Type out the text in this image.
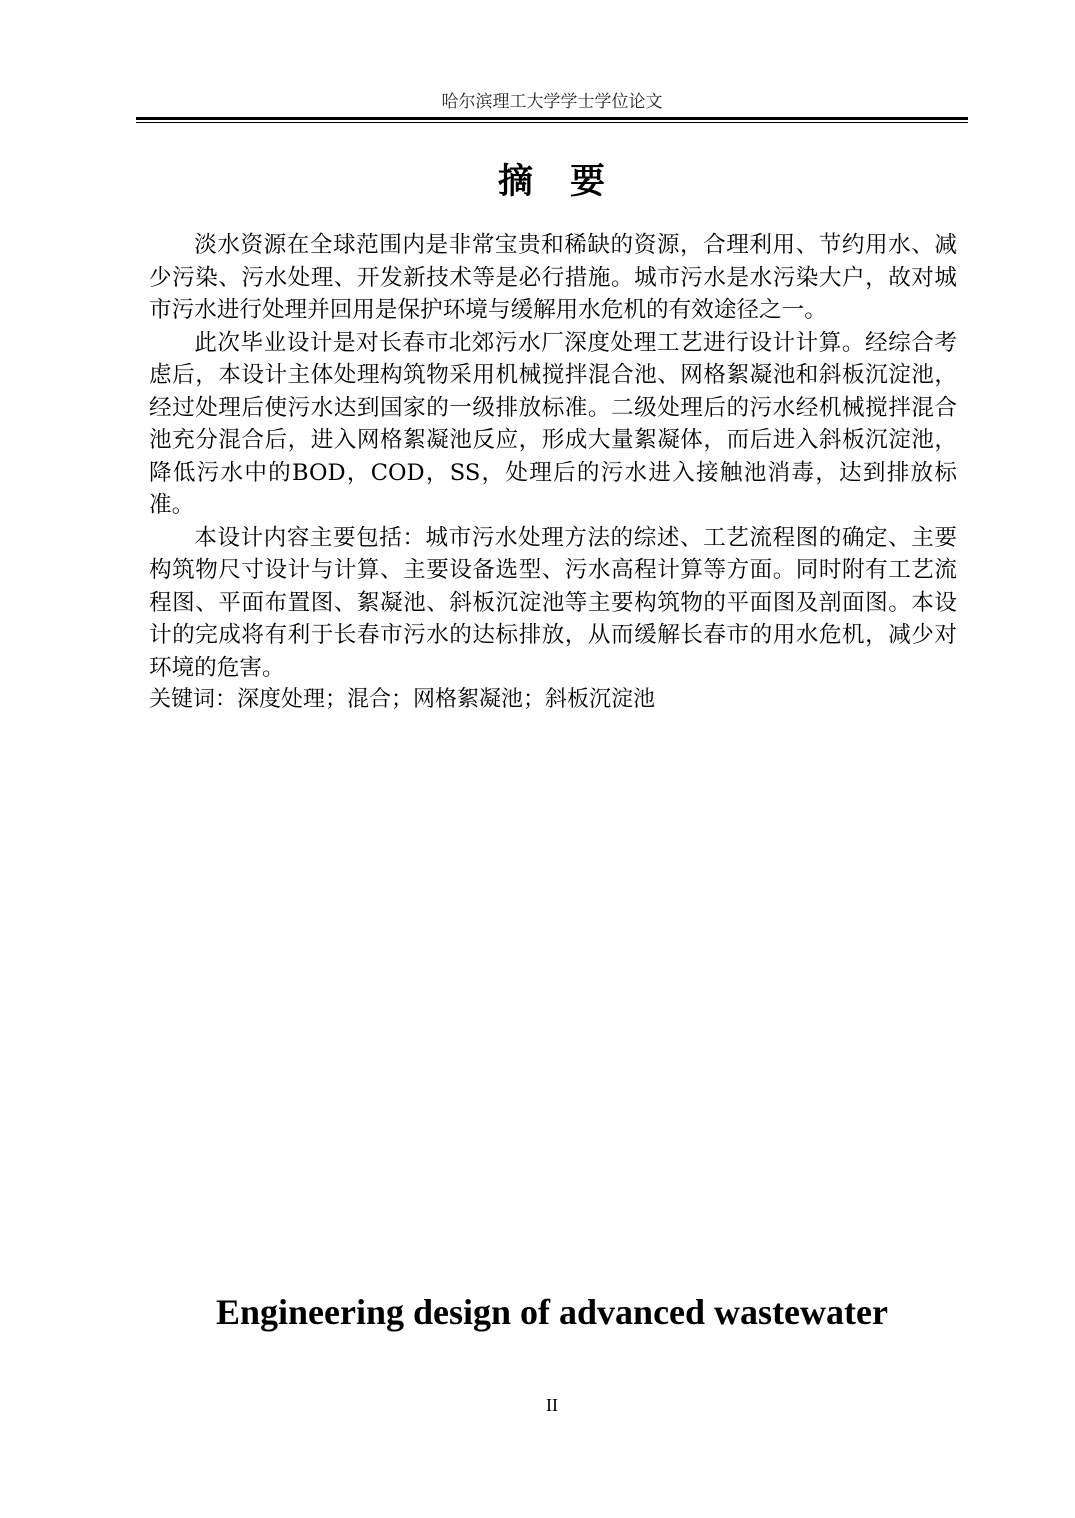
哈尔滨理工大学学士学位论文
摘　要

淡水资源在全球范围内是非常宝贵和稀缺的资源，合理利用、节约用水、减少污染、污水处理、开发新技术等是必行措施。城市污水是水污染大户，故对城市污水进行处理并回用是保护环境与缓解用水危机的有效途径之一。

此次毕业设计是对长春市北郊污水厂深度处理工艺进行设计计算。经综合考虑后，本设计主体处理构筑物采用机械搅拌混合池、网格絮凝池和斜板沉淀池，经过处理后使污水达到国家的一级排放标准。二级处理后的污水经机械搅拌混合池充分混合后，进入网格絮凝池反应，形成大量絮凝体，而后进入斜板沉淀池，降低污水中的BOD，COD，SS，处理后的污水进入接触池消毒，达到排放标准。

本设计内容主要包括：城市污水处理方法的综述、工艺流程图的确定、主要构筑物尺寸设计与计算、主要设备选型、污水高程计算等方面。同时附有工艺流程图、平面布置图、絮凝池、斜板沉淀池等主要构筑物的平面图及剖面图。本设计的完成将有利于长春市污水的达标排放，从而缓解长春市的用水危机，减少对环境的危害。

关键词：深度处理；混合；网格絮凝池；斜板沉淀池

Engineering design of advanced wastewater
II
